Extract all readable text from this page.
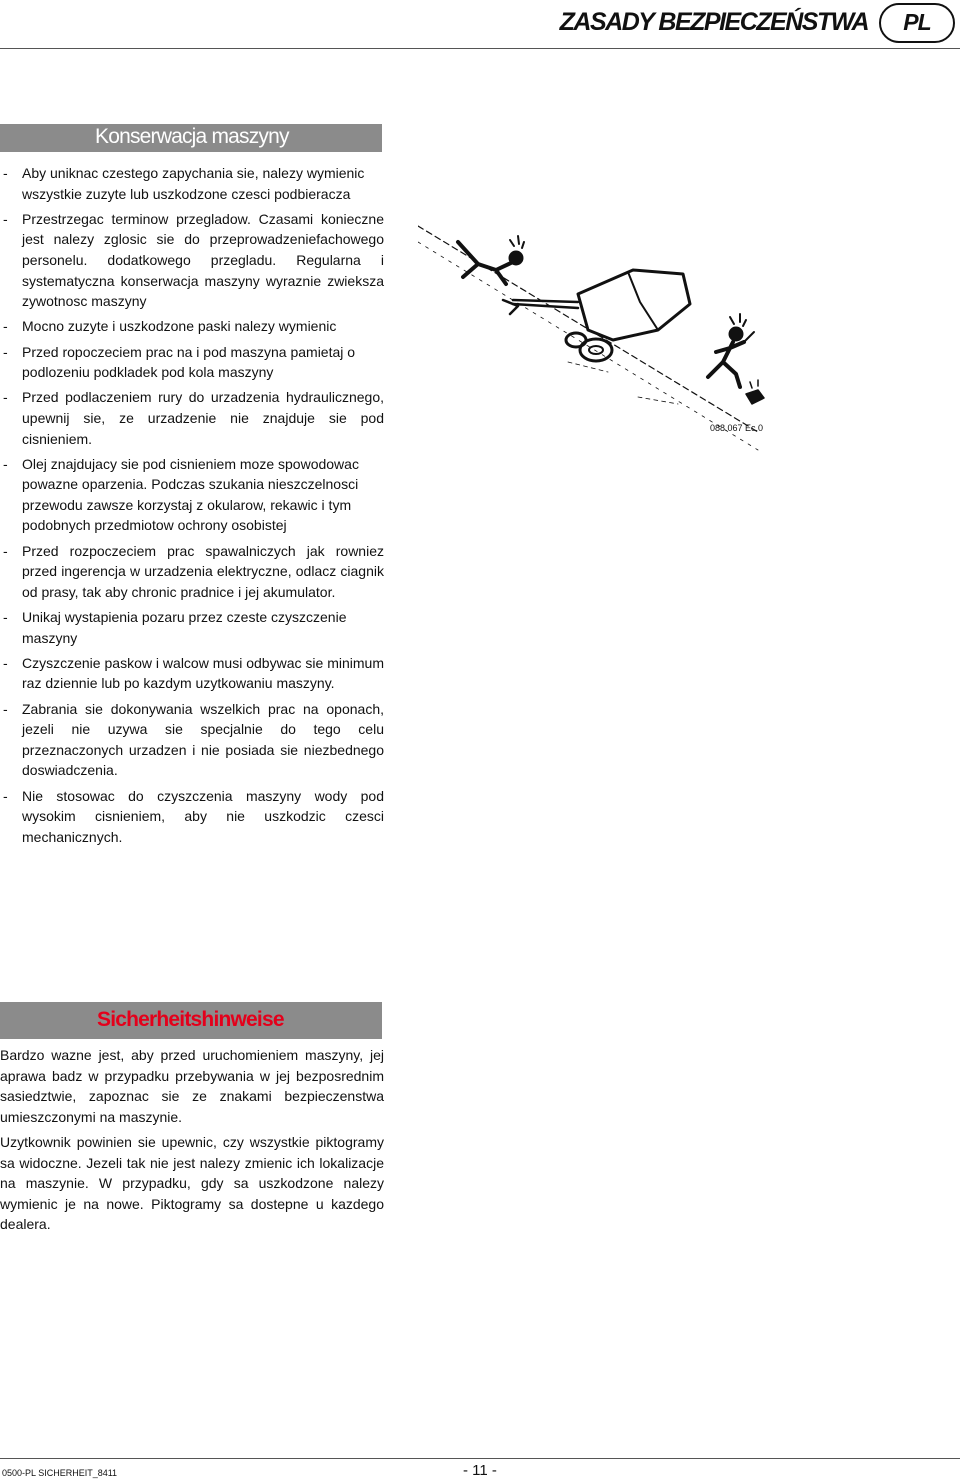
ZASADY BEZPIECZEŃSTWA	PL
Konserwacja maszyny
- Aby uniknac czestego zapychania sie, nalezy wymienic wszystkie zuzyte lub uszkodzone czesci podbieracza
- Przestrzegac terminow przegladow. Czasami konieczne jest nalezy zglosic sie do przeprowadzeniefachowego personelu. dodatkowego przegladu. Regularna i systematyczna konserwacja maszyny wyraznie zwieksza zywotnosc maszyny
- Mocno zuzyte i uszkodzone paski nalezy wymienic
- Przed ropoczeciem prac na i pod maszyna pamietaj o podlozeniu podkladek pod kola maszyny
- Przed podlaczeniem rury do urzadzenia hydraulicznego, upewnij sie, ze urzadzenie nie znajduje sie pod cisnieniem.
- Olej znajdujacy sie pod cisnieniem moze spowodowac powazne oparzenia. Podczas szukania nieszczelnosci przewodu zawsze korzystaj z okularow, rekawic i tym podobnych przedmiotow ochrony osobistej
- Przed rozpoczeciem prac spawalniczych jak rowniez przed ingerencja w urzadzenia elektryczne, odlacz ciagnik od prasy, tak aby chronic pradnice i jej akumulator.
- Unikaj wystapienia pozaru przez czeste czyszczenie maszyny
- Czyszczenie paskow i walcow musi odbywac sie minimum raz dziennie lub po kazdym uzytkowaniu maszyny.
- Zabrania sie dokonywania wszelkich prac na oponach, jezeli nie uzywa sie specjalnie do tego celu przeznaczonych urzadzen i nie posiada sie niezbednego doswiadczenia.
- Nie stosowac do czyszczenia maszyny wody pod wysokim cisnieniem, aby nie uszkodzic czesci mechanicznych.
088.067 Ec.0
Sicherheitshinweise

Bardzo wazne jest, aby przed uruchomieniem maszyny, jej aprawa badz w przypadku przebywania w jej bezposrednim sasiedztwie, zapoznac sie ze znakami bezpieczenstwa umieszczonymi na maszynie.

Uzytkownik powinien sie upewnic, czy wszystkie piktogramy sa widoczne. Jezeli tak nie jest nalezy zmienic ich lokalizacje na maszynie. W przypadku, gdy sa uszkodzone nalezy wymienic je na nowe. Piktogramy sa dostepne u kazdego dealera.

0500-PL SICHERHEIT_8411	- 11 -
